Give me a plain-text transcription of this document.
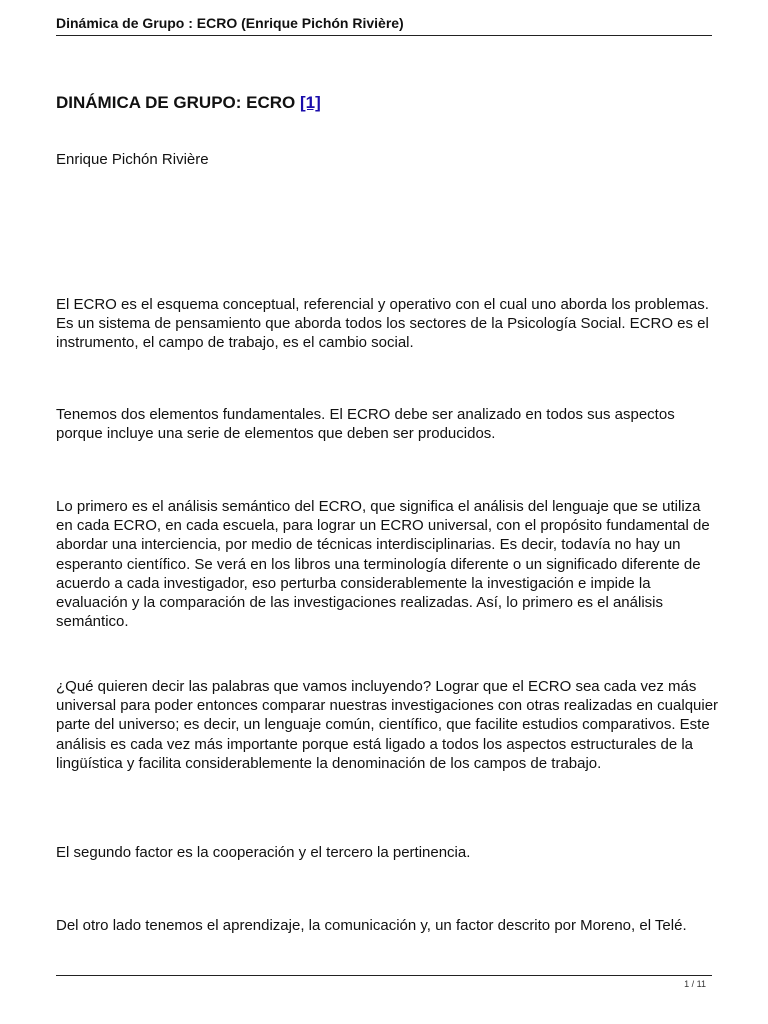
Dinámica de Grupo : ECRO (Enrique Pichón Rivière)
DINÁMICA DE GRUPO: ECRO [1]
Enrique Pichón Rivière

El ECRO es el esquema conceptual, referencial y operativo con el cual uno aborda los problemas. Es un sistema de pensamiento que aborda todos los sectores de la Psicología Social. ECRO es el instrumento, el campo de trabajo, es el cambio social.

Tenemos dos elementos fundamentales. El ECRO debe ser analizado en todos sus aspectos porque incluye una serie de elementos que deben ser producidos.

Lo primero es el análisis semántico del ECRO, que significa el análisis del lenguaje que se utiliza en cada ECRO, en cada escuela, para lograr un ECRO universal, con el propósito fundamental de abordar una interciencia, por medio de técnicas interdisciplinarias. Es decir, todavía no hay un esperanto científico. Se verá en los libros una terminología diferente o un significado diferente de acuerdo a cada investigador, eso perturba considerablemente la investigación e impide la evaluación y la comparación de las investigaciones realizadas. Así, lo primero es el análisis semántico.

¿Qué quieren decir las palabras que vamos incluyendo? Lograr que el ECRO sea cada vez más universal para poder entonces comparar nuestras investigaciones con otras realizadas en cualquier parte del universo; es decir, un lenguaje común, científico, que facilite estudios comparativos. Este análisis es cada vez más importante porque está ligado a todos los aspectos estructurales de la lingüística y facilita considerablemente la denominación de los campos de trabajo.

El segundo factor es la cooperación y el tercero la pertinencia.

Del otro lado tenemos el aprendizaje, la comunicación y, un factor descrito por Moreno, el Telé.

1 / 11
